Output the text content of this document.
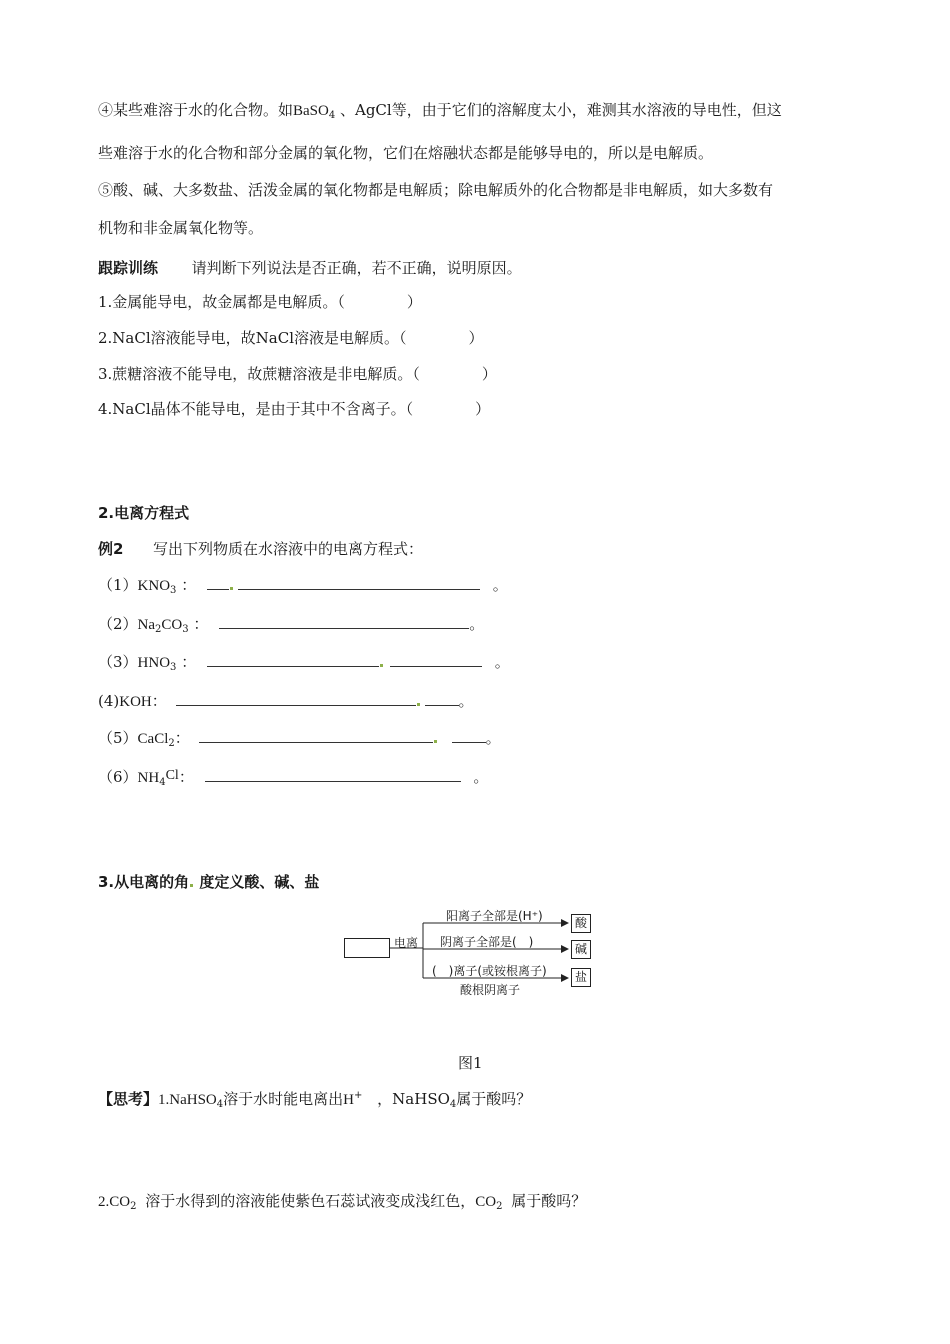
④某些难溶于水的化合物。如BaSO$_4$ 、AgCl等，由于它们的溶解度太小，难测其水溶液的导电性，但这
些难溶于水的化合物和部分金属的氧化物，它们在熔融状态都是能够导电的，所以是电解质。
⑤酸、碱、大多数盐、活泼金属的氧化物都是电解质；除电解质外的化合物都是非电解质，如大多数有
机物和非金属氧化物等。
跟踪训练 请判断下列说法是否正确，若不正确，说明原因。
1.金属能导电，故金属都是电解质。（	）
2.NaCl溶液能导电，故NaCl溶液是电解质。（	）
3.蔗糖溶液不能导电，故蔗糖溶液是非电解质。（	）
4.NaCl晶体不能导电，是由于其中不含离子。（	）
2.电离方程式
例2 写出下列物质在水溶液中的电离方程式：
$(1)KNO_3$ ：	。
$(2)Na_2CO_3$ ：	。
$(3)HNO_3$ ：	。
(4)KOH：	。
（5）CaCl$_2$：	。
$(6)NH_4^{Cl}$：	。
3.从电离的角 度定义酸、碱、盐
电离
阳离子全部是(H⁺)
阴离子全部是(　)
(　)离子(或铵根离子)
酸根阴离子
酸
碱
盐
图1
【思考】1.NaHSO$_4$溶于水时能电离出H+ ，NaHSO$_4$属于酸吗？
$2.CO_2$ 溶于水得到的溶液能使紫色石蕊试液变成浅红色，$CO_2$ 属于酸吗？
